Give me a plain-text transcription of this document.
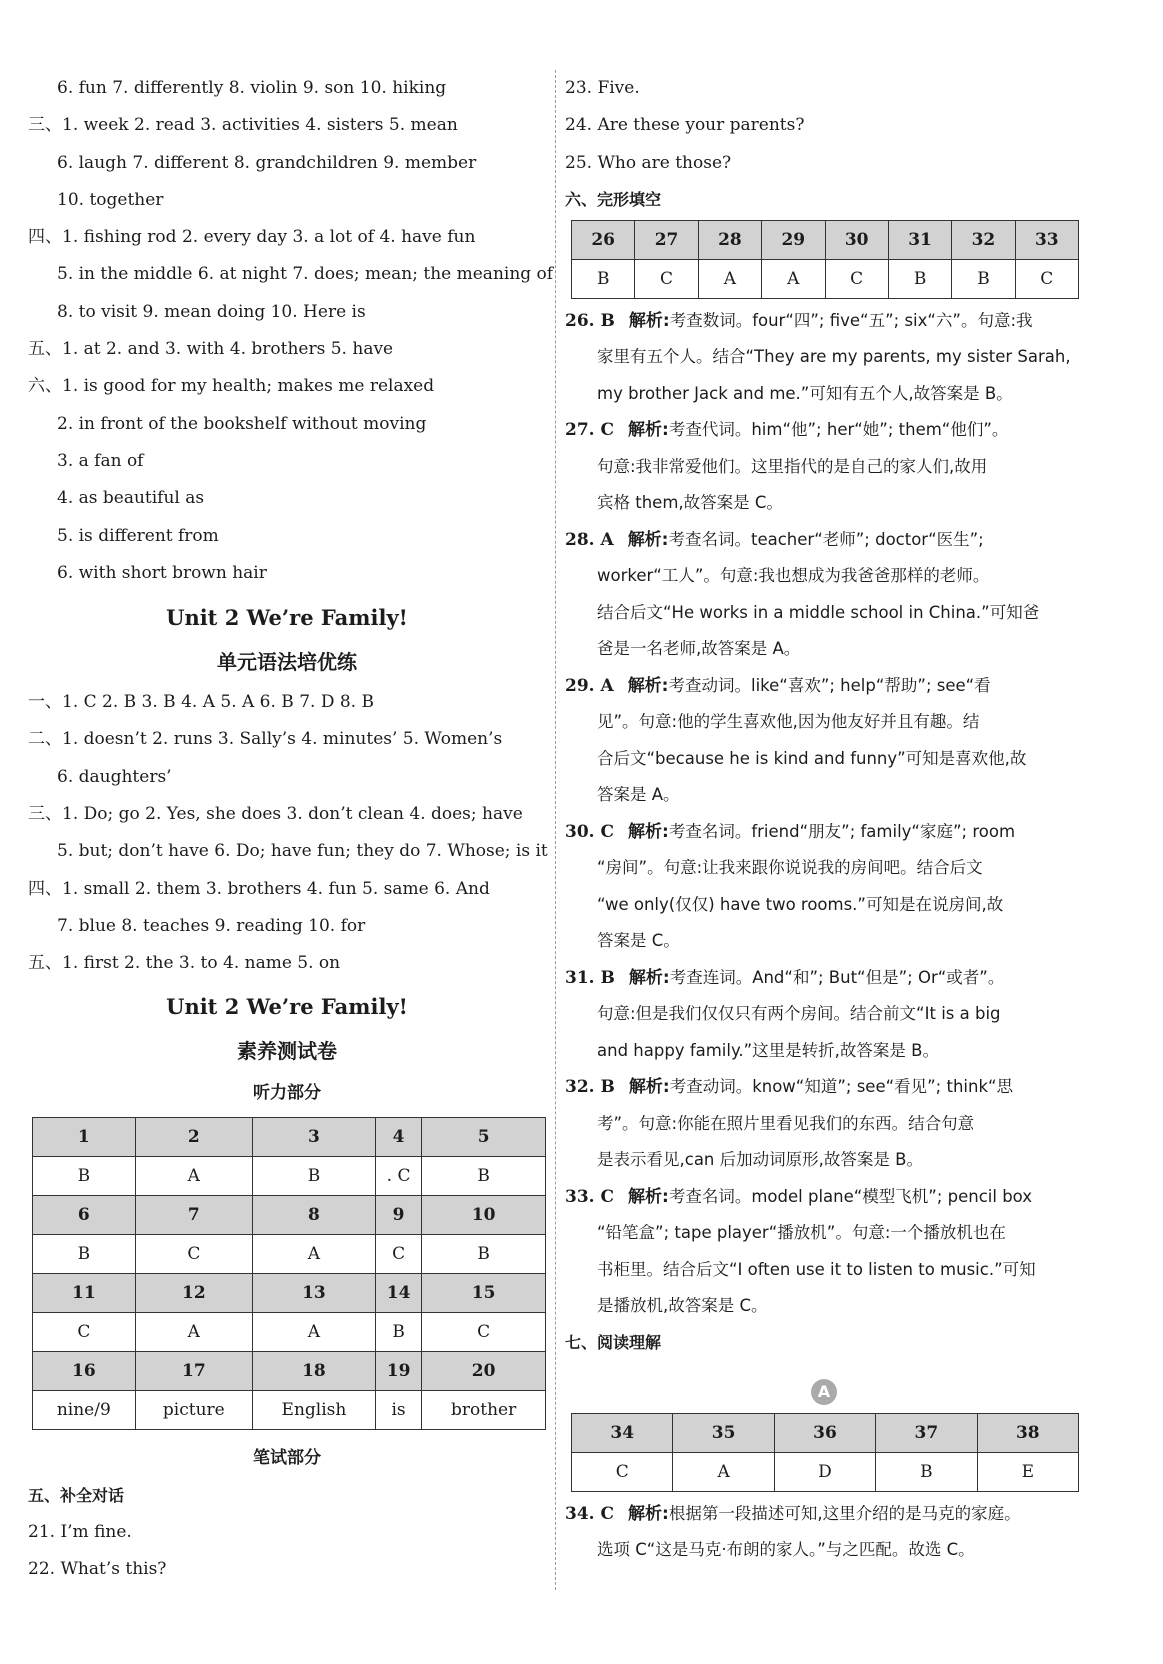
6. fun 7. differently 8. violin 9. son 10. hiking
三、1. week 2. read 3. activities 4. sisters 5. mean
6. laugh 7. different 8. grandchildren 9. member
10. together
四、1. fishing rod 2. every day 3. a lot of 4. have fun
5. in the middle 6. at night 7. does; mean; the meaning of
8. to visit 9. mean doing 10. Here is
五、1. at 2. and 3. with 4. brothers 5. have
六、1. is good for my health; makes me relaxed
2. in front of the bookshelf without moving
3. a fan of
4. as beautiful as
5. is different from
6. with short brown hair
Unit 2 We’re Family!
单元语法培优练
一、1. C 2. B 3. B 4. A 5. A 6. B 7. D 8. B
二、1. doesn’t 2. runs 3. Sally’s 4. minutes’ 5. Women’s
6. daughters’
三、1. Do; go 2. Yes, she does 3. don’t clean 4. does; have
5. but; don’t have 6. Do; have fun; they do 7. Whose; is it
四、1. small 2. them 3. brothers 4. fun 5. same 6. And
7. blue 8. teaches 9. reading 10. for
五、1. first 2. the 3. to 4. name 5. on
Unit 2 We’re Family!
素养测试卷
听力部分
1	2	3	4	5
B	A	B	. C	B
6	7	8	9	10
B	C	A	C	B
11	12	13	14	15
C	A	A	B	C
16	17	18	19	20
nine/9	picture	English	is	brother
笔试部分
五、补全对话
21. I’m fine.
22. What’s this?
23. Five.
24. Are these your parents?
25. Who are those?
六、完形填空
26	27	28	29	30	31	32	33
B	C	A	A	C	B	B	C
26. B 解析:考查数词。four“四”; five“五”; six“六”。句意:我
家里有五个人。结合“They are my parents, my sister Sarah,
my brother Jack and me.”可知有五个人,故答案是 B。
27. C 解析:考查代词。him“他”; her“她”; them“他们”。
句意:我非常爱他们。这里指代的是自己的家人们,故用
宾格 them,故答案是 C。
28. A 解析:考查名词。teacher“老师”; doctor“医生”;
worker“工人”。句意:我也想成为我爸爸那样的老师。
结合后文“He works in a middle school in China.”可知爸
爸是一名老师,故答案是 A。
29. A 解析:考查动词。like“喜欢”; help“帮助”; see“看
见”。句意:他的学生喜欢他,因为他友好并且有趣。结
合后文“because he is kind and funny”可知是喜欢他,故
答案是 A。
30. C 解析:考查名词。friend“朋友”; family“家庭”; room
“房间”。句意:让我来跟你说说我的房间吧。结合后文
“we only(仅仅) have two rooms.”可知是在说房间,故
答案是 C。
31. B 解析:考查连词。And“和”; But“但是”; Or“或者”。
句意:但是我们仅仅只有两个房间。结合前文“It is a big
and happy family.”这里是转折,故答案是 B。
32. B 解析:考查动词。know“知道”; see“看见”; think“思
考”。句意:你能在照片里看见我们的东西。结合句意
是表示看见,can 后加动词原形,故答案是 B。
33. C 解析:考查名词。model plane“模型飞机”; pencil box
“铅笔盒”; tape player“播放机”。句意:一个播放机也在
书柜里。结合后文“I often use it to listen to music.”可知
是播放机,故答案是 C。
七、阅读理解
A
34	35	36	37	38
C	A	D	B	E
34. C 解析:根据第一段描述可知,这里介绍的是马克的家庭。
选项 C“这是马克·布朗的家人。”与之匹配。故选 C。
